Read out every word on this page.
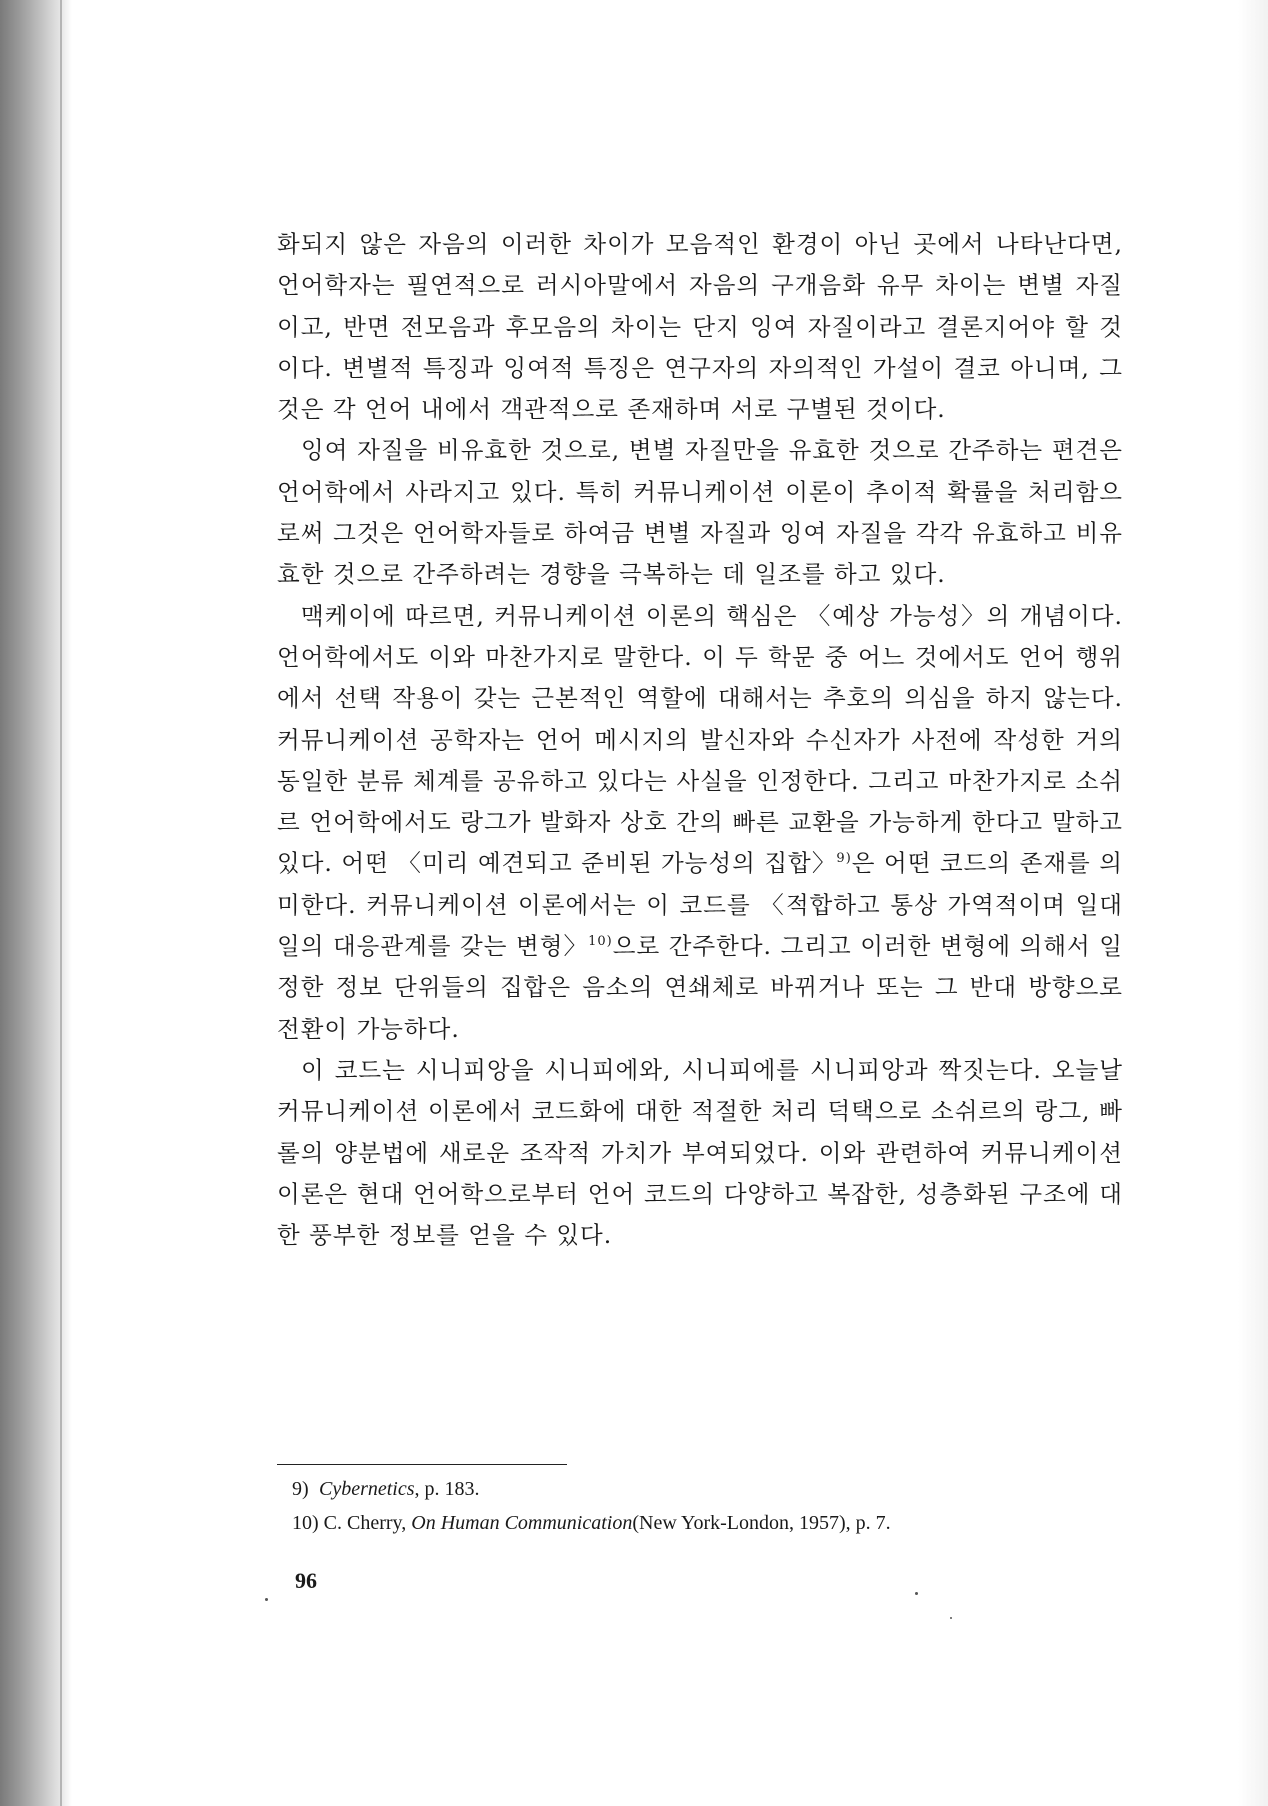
화되지 않은 자음의 이러한 차이가 모음적인 환경이 아닌 곳에서 나타난다면, 언어학자는 필연적으로 러시아말에서 자음의 구개음화 유무 차이는 변별 자질이고, 반면 전모음과 후모음의 차이는 단지 잉여 자질이라고 결론지어야 할 것이다. 변별적 특징과 잉여적 특징은 연구자의 자의적인 가설이 결코 아니며, 그것은 각 언어 내에서 객관적으로 존재하며 서로 구별된 것이다.

잉여 자질을 비유효한 것으로, 변별 자질만을 유효한 것으로 간주하는 편견은 언어학에서 사라지고 있다. 특히 커뮤니케이션 이론이 추이적 확률을 처리함으로써 그것은 언어학자들로 하여금 변별 자질과 잉여 자질을 각각 유효하고 비유효한 것으로 간주하려는 경향을 극복하는 데 일조를 하고 있다.

맥케이에 따르면, 커뮤니케이션 이론의 핵심은 〈예상 가능성〉의 개념이다. 언어학에서도 이와 마찬가지로 말한다. 이 두 학문 중 어느 것에서도 언어 행위에서 선택 작용이 갖는 근본적인 역할에 대해서는 추호의 의심을 하지 않는다. 커뮤니케이션 공학자는 언어 메시지의 발신자와 수신자가 사전에 작성한 거의 동일한 분류 체계를 공유하고 있다는 사실을 인정한다. 그리고 마찬가지로 소쉬르 언어학에서도 랑그가 발화자 상호 간의 빠른 교환을 가능하게 한다고 말하고 있다. 어떤 〈미리 예견되고 준비된 가능성의 집합〉$^{9)}$은 어떤 코드의 존재를 의미한다. 커뮤니케이션 이론에서는 이 코드를 〈적합하고 통상 가역적이며 일대일의 대응관계를 갖는 변형〉$^{10)}$으로 간주한다. 그리고 이러한 변형에 의해서 일정한 정보 단위들의 집합은 음소의 연쇄체로 바뀌거나 또는 그 반대 방향으로 전환이 가능하다.

이 코드는 시니피앙을 시니피에와, 시니피에를 시니피앙과 짝짓는다. 오늘날 커뮤니케이션 이론에서 코드화에 대한 적절한 처리 덕택으로 소쉬르의 랑그, 빠롤의 양분법에 새로운 조작적 가치가 부여되었다. 이와 관련하여 커뮤니케이션 이론은 현대 언어학으로부터 언어 코드의 다양하고 복잡한, 성층화된 구조에 대한 풍부한 정보를 얻을 수 있다.

9) Cybernetics, p. 183.
10) C. Cherry, On Human Communication(New York-London, 1957), p. 7.
96
